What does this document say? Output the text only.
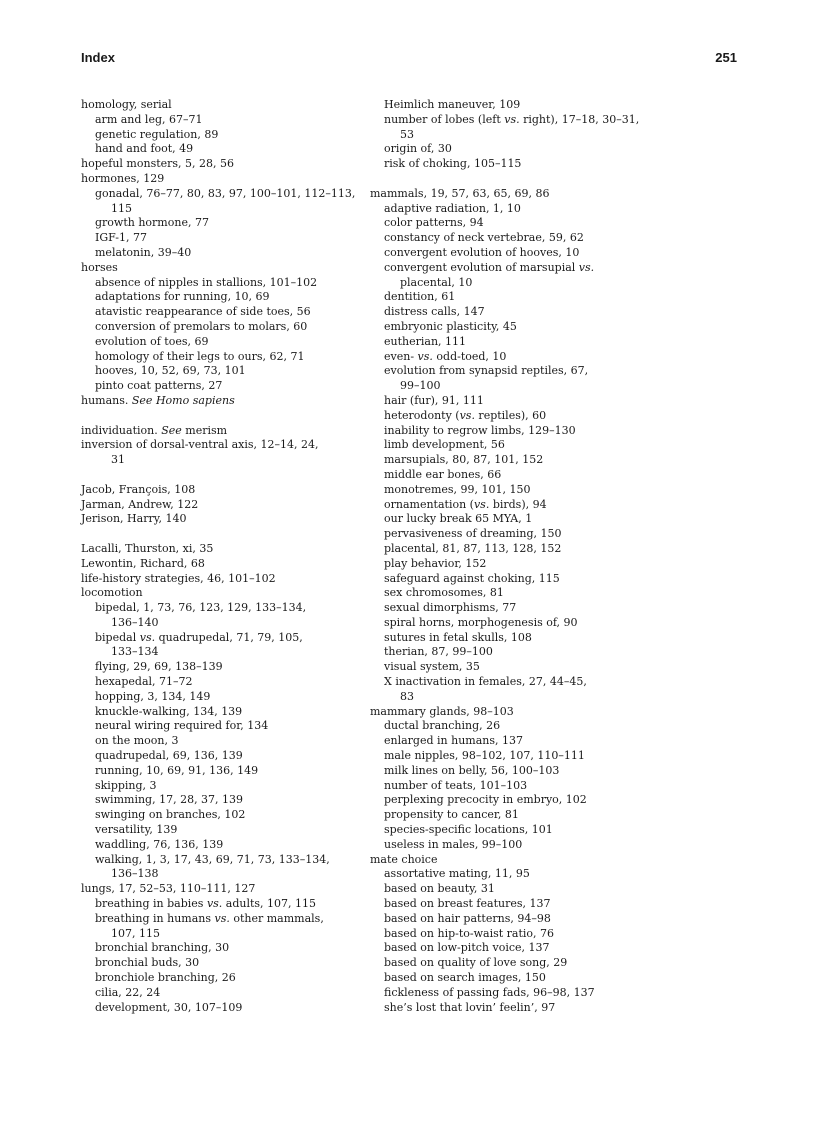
Index	251
homology, serial
arm and leg, 67–71
genetic regulation, 89
hand and foot, 49
hopeful monsters, 5, 28, 56
hormones, 129
gonadal, 76–77, 80, 83, 97, 100–101, 112–113,
115
growth hormone, 77
IGF-1, 77
melatonin, 39–40
horses
absence of nipples in stallions, 101–102
adaptations for running, 10, 69
atavistic reappearance of side toes, 56
conversion of premolars to molars, 60
evolution of toes, 69
homology of their legs to ours, 62, 71
hooves, 10, 52, 69, 73, 101
pinto coat patterns, 27
humans. See Homo sapiens
individuation. See merism
inversion of dorsal-ventral axis, 12–14, 24,
31
Jacob, François, 108
Jarman, Andrew, 122
Jerison, Harry, 140
Lacalli, Thurston, xi, 35
Lewontin, Richard, 68
life-history strategies, 46, 101–102
locomotion
bipedal, 1, 73, 76, 123, 129, 133–134,
136–140
bipedal vs. quadrupedal, 71, 79, 105,
133–134
flying, 29, 69, 138–139
hexapedal, 71–72
hopping, 3, 134, 149
knuckle-walking, 134, 139
neural wiring required for, 134
on the moon, 3
quadrupedal, 69, 136, 139
running, 10, 69, 91, 136, 149
skipping, 3
swimming, 17, 28, 37, 139
swinging on branches, 102
versatility, 139
waddling, 76, 136, 139
walking, 1, 3, 17, 43, 69, 71, 73, 133–134,
136–138
lungs, 17, 52–53, 110–111, 127
breathing in babies vs. adults, 107, 115
breathing in humans vs. other mammals,
107, 115
bronchial branching, 30
bronchial buds, 30
bronchiole branching, 26
cilia, 22, 24
development, 30, 107–109
Heimlich maneuver, 109
number of lobes (left vs. right), 17–18, 30–31,
53
origin of, 30
risk of choking, 105–115
mammals, 19, 57, 63, 65, 69, 86
adaptive radiation, 1, 10
color patterns, 94
constancy of neck vertebrae, 59, 62
convergent evolution of hooves, 10
convergent evolution of marsupial vs.
placental, 10
dentition, 61
distress calls, 147
embryonic plasticity, 45
eutherian, 111
even- vs. odd-toed, 10
evolution from synapsid reptiles, 67,
99–100
hair (fur), 91, 111
heterodonty (vs. reptiles), 60
inability to regrow limbs, 129–130
limb development, 56
marsupials, 80, 87, 101, 152
middle ear bones, 66
monotremes, 99, 101, 150
ornamentation (vs. birds), 94
our lucky break 65 MYA, 1
pervasiveness of dreaming, 150
placental, 81, 87, 113, 128, 152
play behavior, 152
safeguard against choking, 115
sex chromosomes, 81
sexual dimorphisms, 77
spiral horns, morphogenesis of, 90
sutures in fetal skulls, 108
therian, 87, 99–100
visual system, 35
X inactivation in females, 27, 44–45,
83
mammary glands, 98–103
ductal branching, 26
enlarged in humans, 137
male nipples, 98–102, 107, 110–111
milk lines on belly, 56, 100–103
number of teats, 101–103
perplexing precocity in embryo, 102
propensity to cancer, 81
species-specific locations, 101
useless in males, 99–100
mate choice
assortative mating, 11, 95
based on beauty, 31
based on breast features, 137
based on hair patterns, 94–98
based on hip-to-waist ratio, 76
based on low-pitch voice, 137
based on quality of love song, 29
based on search images, 150
fickleness of passing fads, 96–98, 137
she’s lost that lovin’ feelin’, 97
